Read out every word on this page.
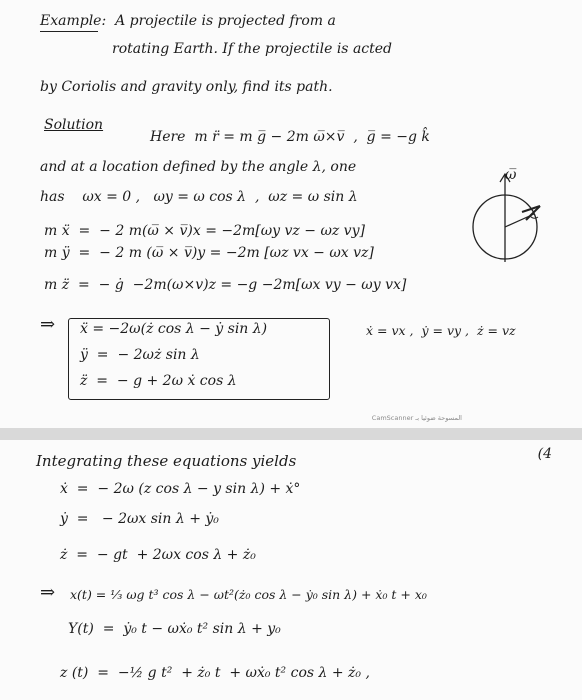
Example:  A projectile is projected from a
rotating Earth. If the projectile is acted
by Coriolis and gravity only, find its path.
Solution
Here  m r̈ = m g̅ − 2m ω̅×v̅  ,  g̅ = −g k̂
and at a location defined by the angle λ, one
has    ωx = 0 ,   ωy = ω cos λ  ,  ωz = ω sin λ
ω̅
m ẍ  =  − 2 m(ω̅ × v̅)x = −2m[ωy vz − ωz vy]
m ÿ  =  − 2 m (ω̅ × v̅)y = −2m [ωz vx − ωx vz]
m z̈  =  − ġ  −2m(ω×v)z = −g −2m[ωx vy − ωy vx]
⇒ ẍ = −2ω(ż cos λ − ẏ sin λ)	ẋ = vx ,  ẏ = vy ,  ż = vz
ÿ  =  − 2ωż sin λ
z̈  =  − g + 2ω ẋ cos λ
CamScanner ﺍﻟﻤﺴﻮﺣﺔ ﺿﻮﺋﻴﺎ ﺑـ
(4
Integrating these equations yields
ẋ  =  − 2ω (z cos λ − y sin λ) + ẋ°
ẏ  =   − 2ωx sin λ + ẏ₀
ż  =  − gt  + 2ωx cos λ + ż₀
⇒ x(t) = ⅓ ωg t³ cos λ − ωt²(ż₀ cos λ − ẏ₀ sin λ) + ẋ₀ t + x₀
Y(t)  =  ẏ₀ t − ωẋ₀ t² sin λ + y₀
z (t)  =  −½ g t²  + ż₀ t  + ωẋ₀ t² cos λ + ż₀ ,
